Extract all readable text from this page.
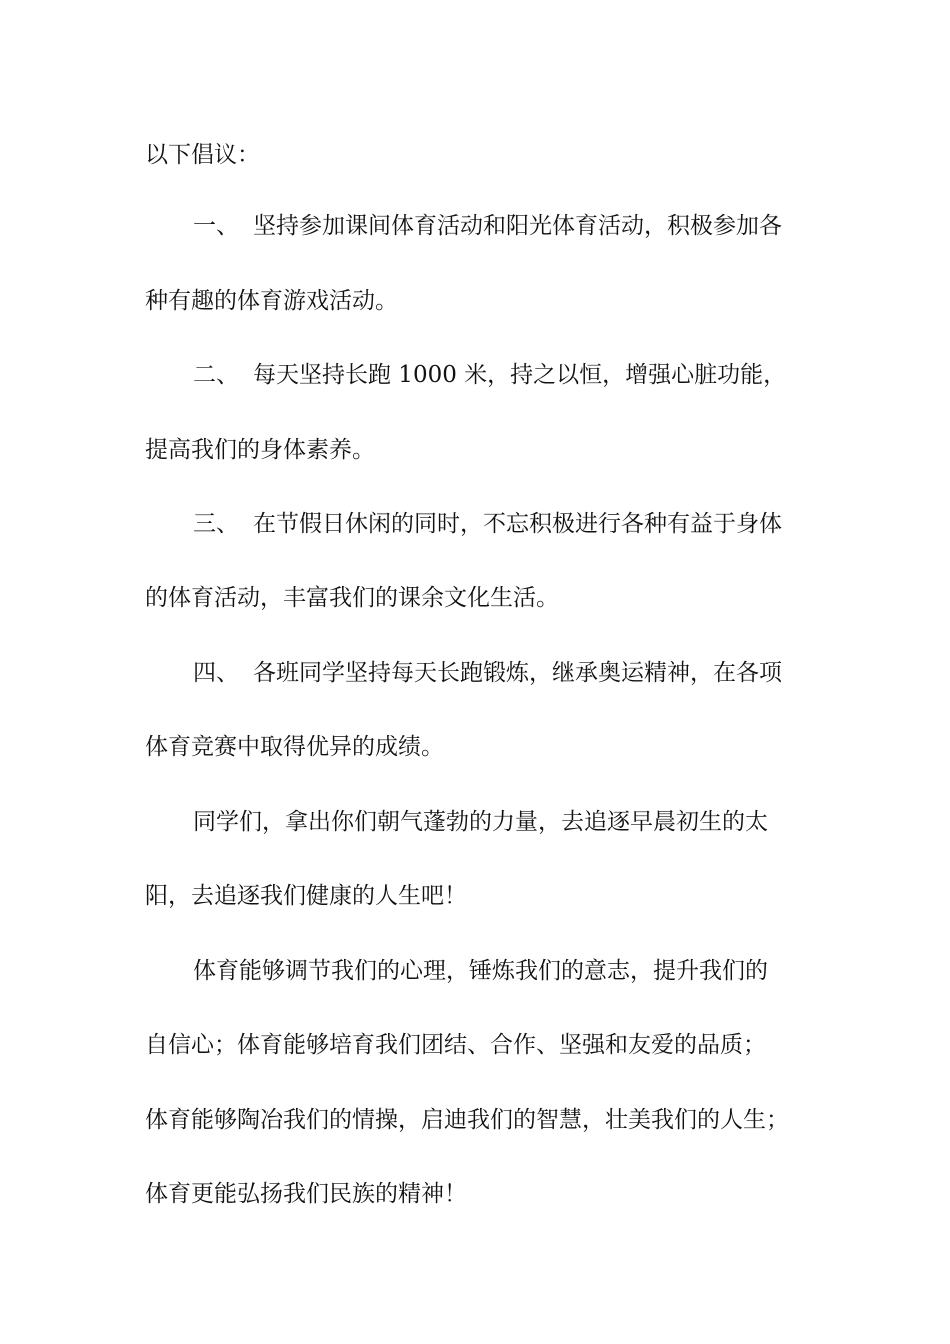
以下倡议：
一、 坚持参加课间体育活动和阳光体育活动，积极参加各
种有趣的体育游戏活动。
二、 每天坚持长跑 1000 米，持之以恒，增强心脏功能，
提高我们的身体素养。
三、 在节假日休闲的同时，不忘积极进行各种有益于身体
的体育活动，丰富我们的课余文化生活。
四、 各班同学坚持每天长跑锻炼，继承奥运精神，在各项
体育竞赛中取得优异的成绩。
同学们，拿出你们朝气蓬勃的力量，去追逐早晨初生的太
阳，去追逐我们健康的人生吧！
体育能够调节我们的心理，锤炼我们的意志，提升我们的
自信心；体育能够培育我们团结、合作、坚强和友爱的品质；
体育能够陶冶我们的情操，启迪我们的智慧，壮美我们的人生；
体育更能弘扬我们民族的精神！
